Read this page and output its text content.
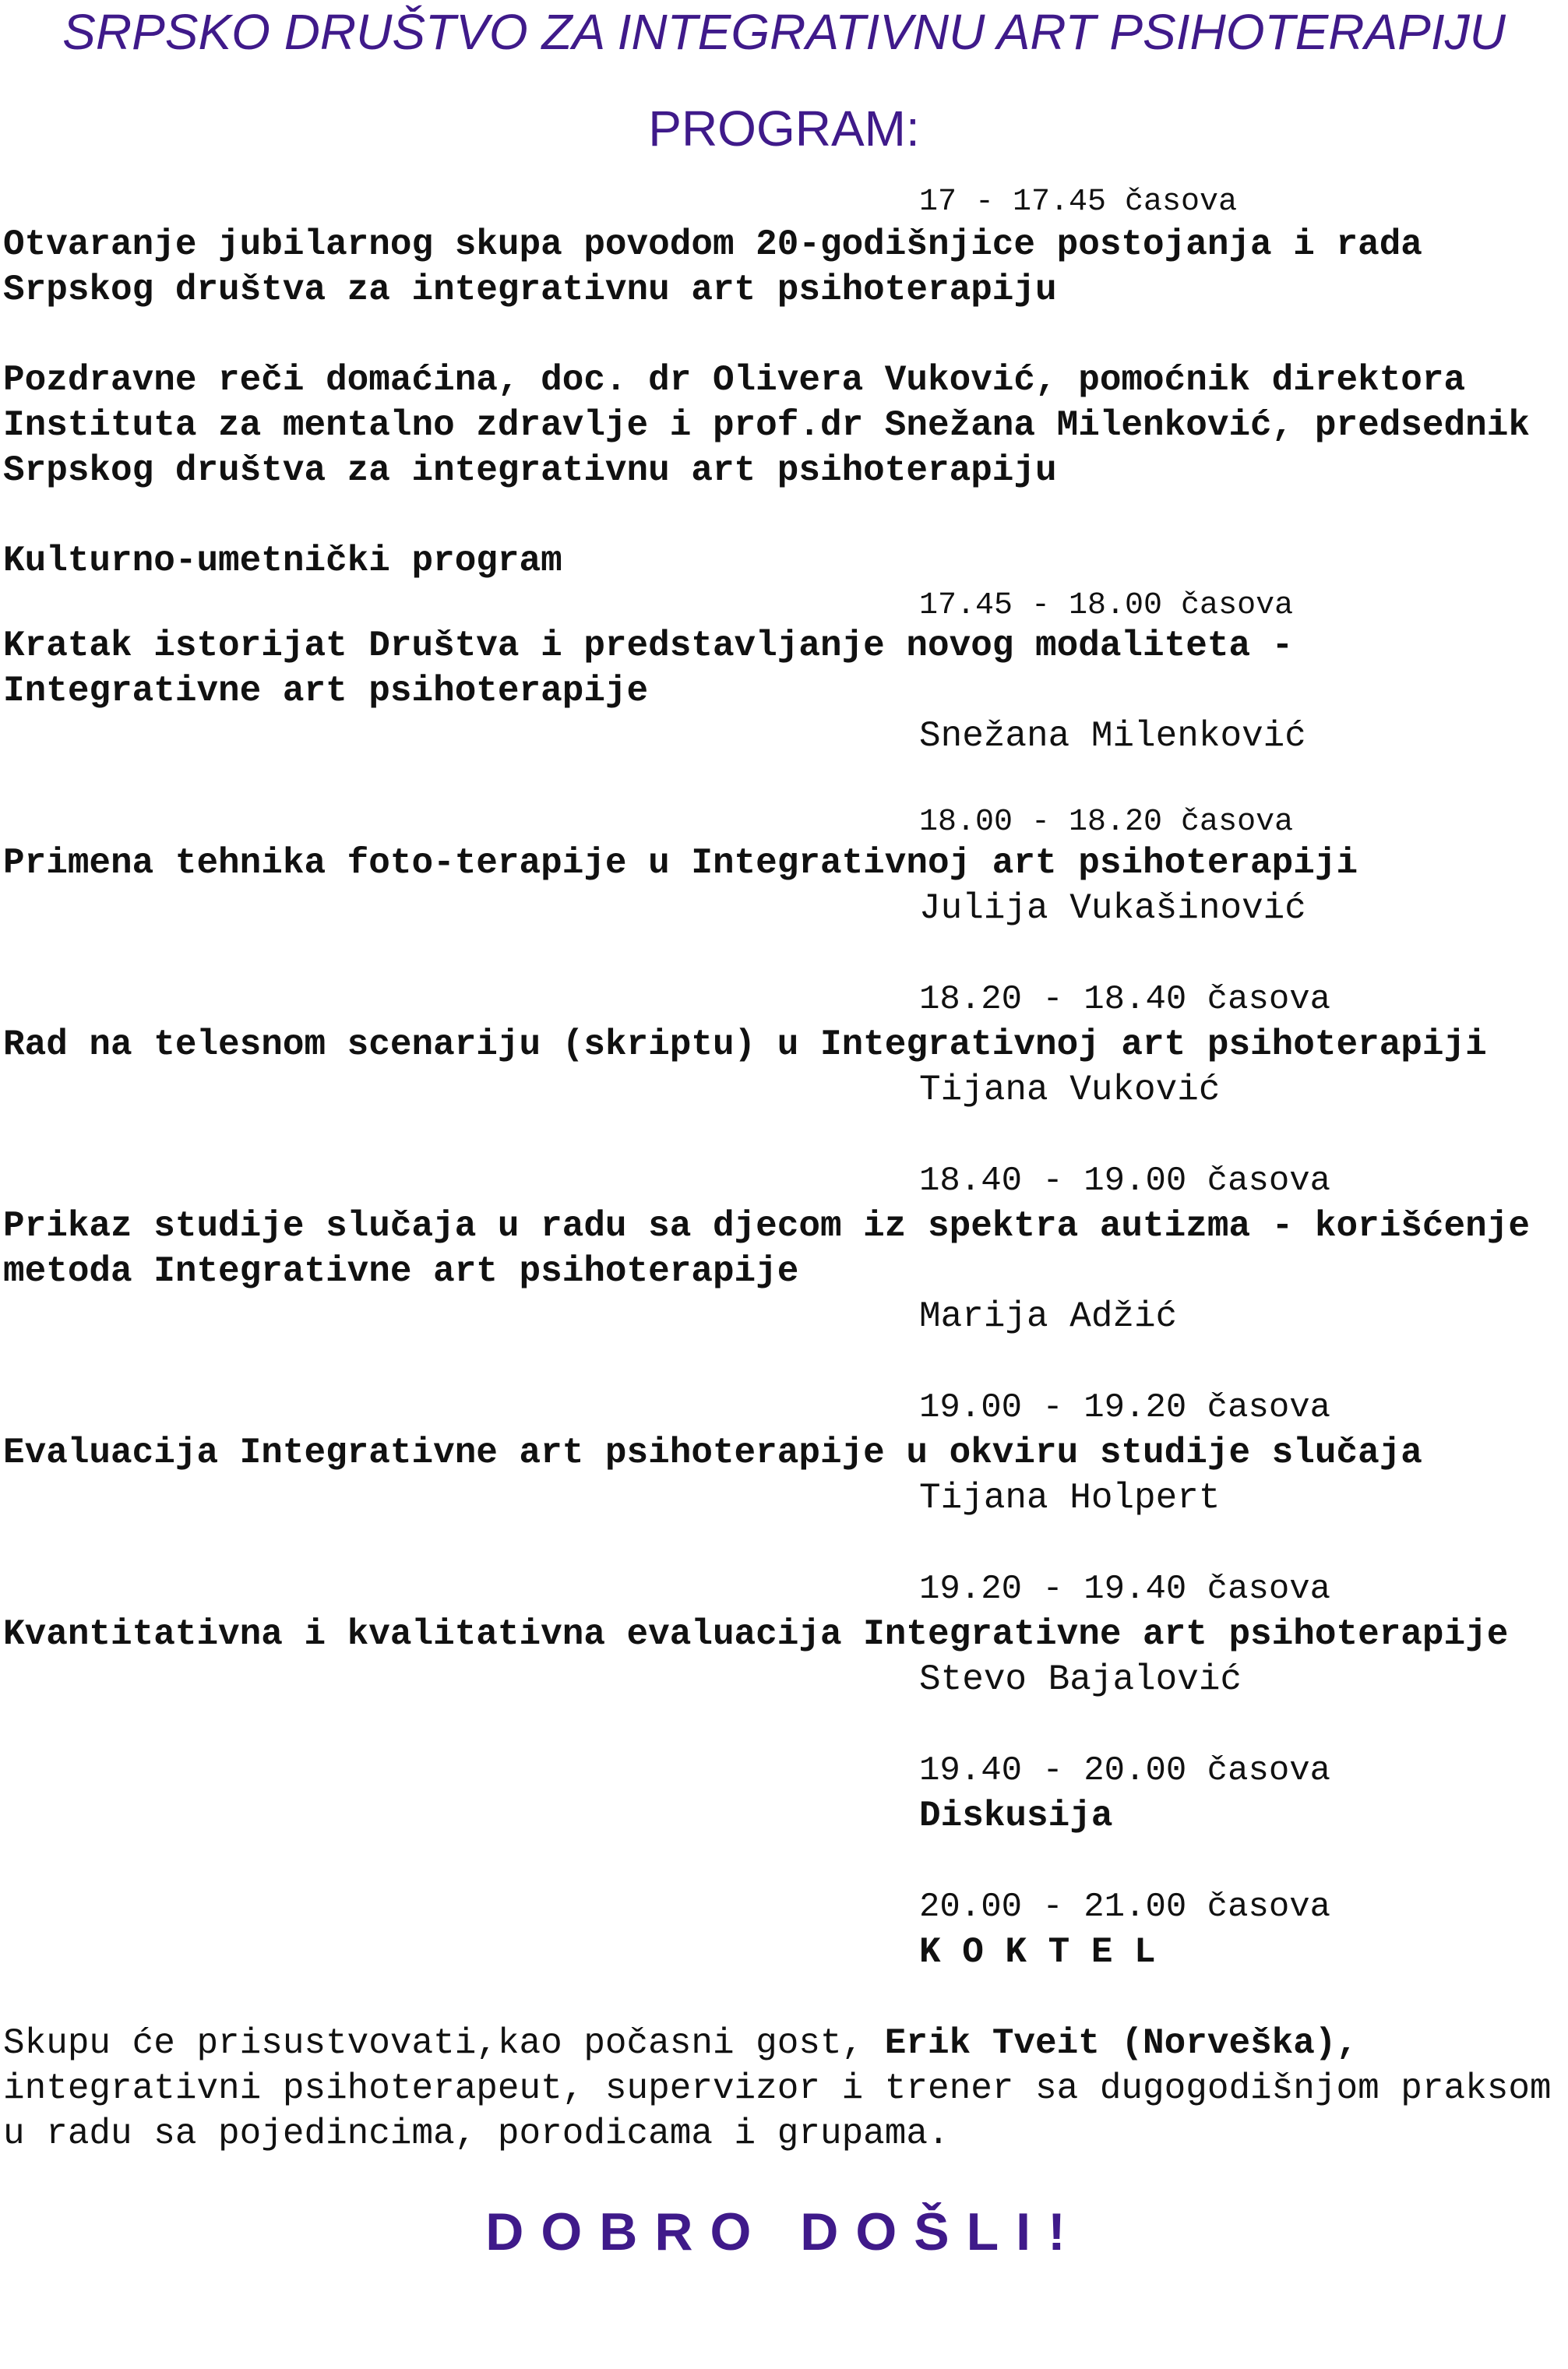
SRPSKO DRUŠTVO ZA INTEGRATIVNU ART PSIHOTERAPIJU
PROGRAM:
17 - 17.45 časova
Otvaranje jubilarnog skupa povodom 20-godišnjice postojanja i rada
Srpskog društva za integrativnu art psihoterapiju
Pozdravne reči domaćina, doc. dr Olivera Vuković, pomoćnik direktora
Instituta za mentalno zdravlje i prof.dr Snežana Milenković, predsednik
Srpskog društva za integrativnu art psihoterapiju
Kulturno-umetnički program
17.45 - 18.00 časova
Kratak istorijat Društva i predstavljanje novog modaliteta -
Integrativne art psihoterapije
Snežana Milenković
18.00 - 18.20 časova
Primena tehnika foto-terapije u Integrativnoj art psihoterapiji
Julija Vukašinović
18.20 - 18.40 časova
Rad na telesnom scenariju (skriptu) u Integrativnoj art psihoterapiji
Tijana Vuković
18.40 - 19.00 časova
Prikaz studije slučaja u radu sa djecom iz spektra autizma - korišćenje
metoda Integrativne art psihoterapije
Marija Adžić
19.00 - 19.20 časova
Evaluacija Integrativne art psihoterapije u okviru studije slučaja
Tijana Holpert
19.20 - 19.40 časova
Kvantitativna i kvalitativna evaluacija Integrativne art psihoterapije
Stevo Bajalović
19.40 - 20.00 časova
Diskusija
20.00 - 21.00 časova
K O K T E L
Skupu će prisustvovati,kao počasni gost, Erik Tveit (Norveška),
integrativni psihoterapeut, supervizor i trener sa dugogodišnjom praksom
u radu sa pojedincima, porodicama i grupama.
DOBRO DOŠLI!
